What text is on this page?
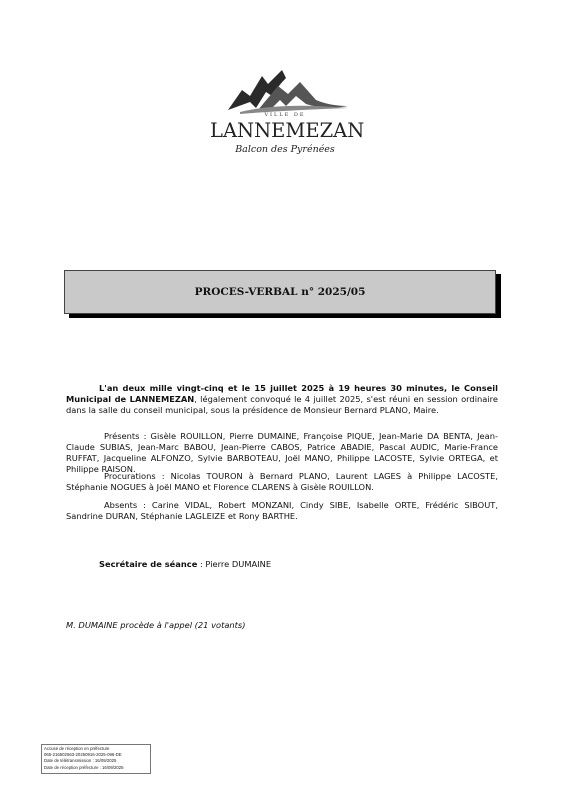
VILLE DE
LANNEMEZAN
Balcon des Pyrénées
PROCES-VERBAL n° 2025/05

L'an deux mille vingt-cinq et le 15 juillet 2025 à 19 heures 30 minutes, le Conseil Municipal de LANNEMEZAN, légalement convoqué le 4 juillet 2025, s'est réuni en session ordinaire dans la salle du conseil municipal, sous la présidence de Monsieur Bernard PLANO, Maire.

Présents : Gisèle ROUILLON, Pierre DUMAINE, Françoise PIQUE, Jean-Marie DA BENTA, Jean-Claude SUBIAS, Jean-Marc BABOU, Jean-Pierre CABOS, Patrice ABADIE, Pascal AUDIC, Marie-France RUFFAT, Jacqueline ALFONZO, Sylvie BARBOTEAU, Joël MANO, Philippe LACOSTE, Sylvie ORTEGA, et Philippe RAISON.

Procurations : Nicolas TOURON à Bernard PLANO, Laurent LAGES à Philippe LACOSTE, Stéphanie NOGUES à Joël MANO et Florence CLARENS à Gisèle ROUILLON.

Absents : Carine VIDAL, Robert MONZANI, Cindy SIBE, Isabelle ORTE, Frédéric SIBOUT, Sandrine DURAN, Stéphanie LAGLEIZE et Rony BARTHE.

Secrétaire de séance : Pierre DUMAINE

M. DUMAINE procède à l'appel (21 votants)

Accusé de réception en préfecture
065-216502563-20250916-2025-096-DE
Date de télétransmission : 16/09/2025
Date de réception préfecture : 16/09/2025
